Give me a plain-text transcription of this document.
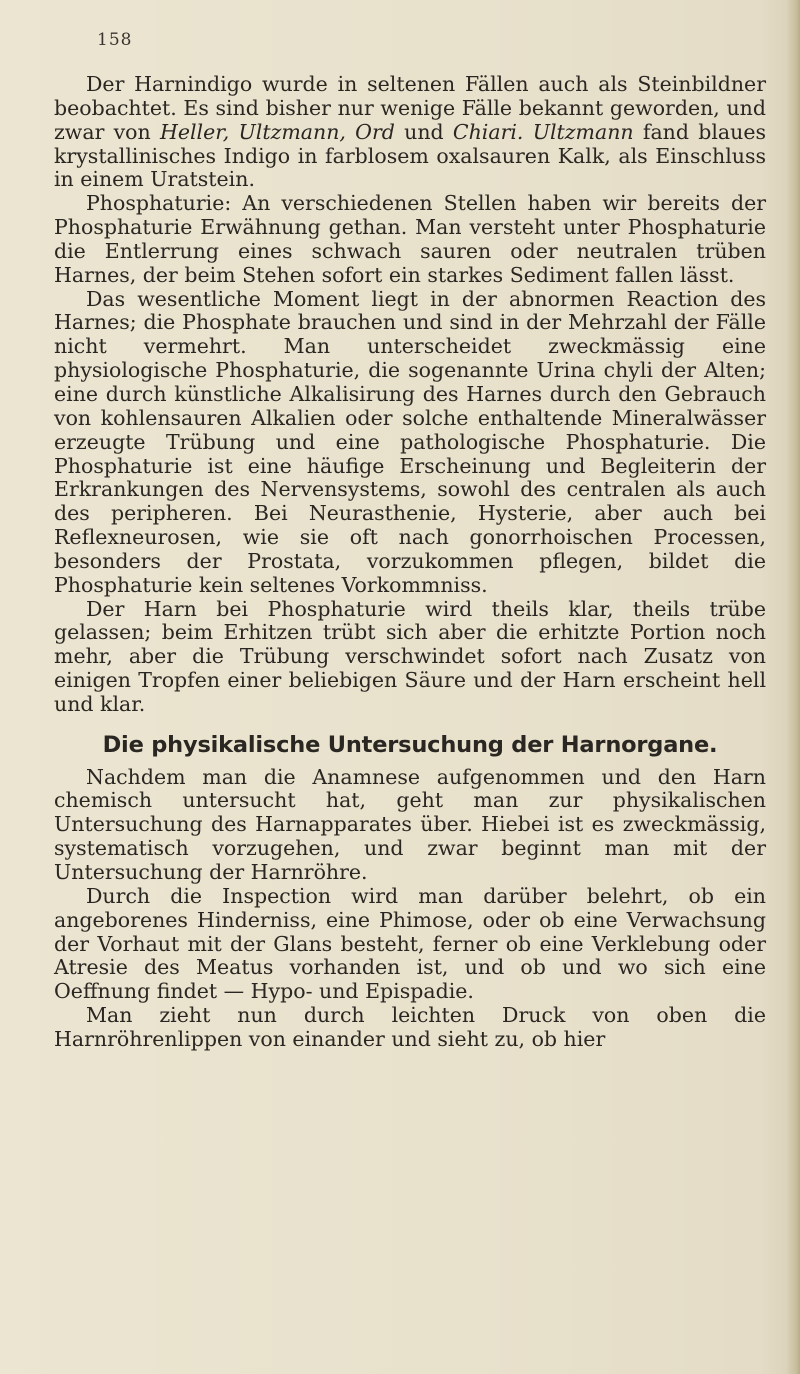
158

Der Harnindigo wurde in seltenen Fällen auch als Steinbildner beobachtet. Es sind bisher nur wenige Fälle bekannt geworden, und zwar von Heller, Ultzmann, Ord und Chiari. Ultzmann fand blaues krystallinisches Indigo in farblosem oxalsauren Kalk, als Einschluss in einem Uratstein.

Phosphaturie: An verschiedenen Stellen haben wir bereits der Phosphaturie Erwähnung gethan. Man versteht unter Phosphaturie die Entlerrung eines schwach sauren oder neutralen trüben Harnes, der beim Stehen sofort ein starkes Sediment fallen lässt.

Das wesentliche Moment liegt in der abnormen Reaction des Harnes; die Phosphate brauchen und sind in der Mehrzahl der Fälle nicht vermehrt. Man unterscheidet zweckmässig eine physiologische Phosphaturie, die sogenannte Urina chyli der Alten; eine durch künstliche Alkalisirung des Harnes durch den Gebrauch von kohlensauren Alkalien oder solche enthaltende Mineralwässer erzeugte Trübung und eine pathologische Phosphaturie. Die Phosphaturie ist eine häufige Erscheinung und Begleiterin der Erkrankungen des Nervensystems, sowohl des centralen als auch des peripheren. Bei Neurasthenie, Hysterie, aber auch bei Reflexneurosen, wie sie oft nach gonorrhoischen Processen, besonders der Prostata, vorzukommen pflegen, bildet die Phosphaturie kein seltenes Vorkommniss.

Der Harn bei Phosphaturie wird theils klar, theils trübe gelassen; beim Erhitzen trübt sich aber die erhitzte Portion noch mehr, aber die Trübung verschwindet sofort nach Zusatz von einigen Tropfen einer beliebigen Säure und der Harn erscheint hell und klar.

Die physikalische Untersuchung der Harnorgane.

Nachdem man die Anamnese aufgenommen und den Harn chemisch untersucht hat, geht man zur physikalischen Untersuchung des Harnapparates über. Hiebei ist es zweckmässig, systematisch vorzugehen, und zwar beginnt man mit der Untersuchung der Harnröhre.

Durch die Inspection wird man darüber belehrt, ob ein angeborenes Hinderniss, eine Phimose, oder ob eine Verwachsung der Vorhaut mit der Glans besteht, ferner ob eine Verklebung oder Atresie des Meatus vorhanden ist, und ob und wo sich eine Oeffnung findet — Hypo- und Epispadie.

Man zieht nun durch leichten Druck von oben die Harnröhrenlippen von einander und sieht zu, ob hier
